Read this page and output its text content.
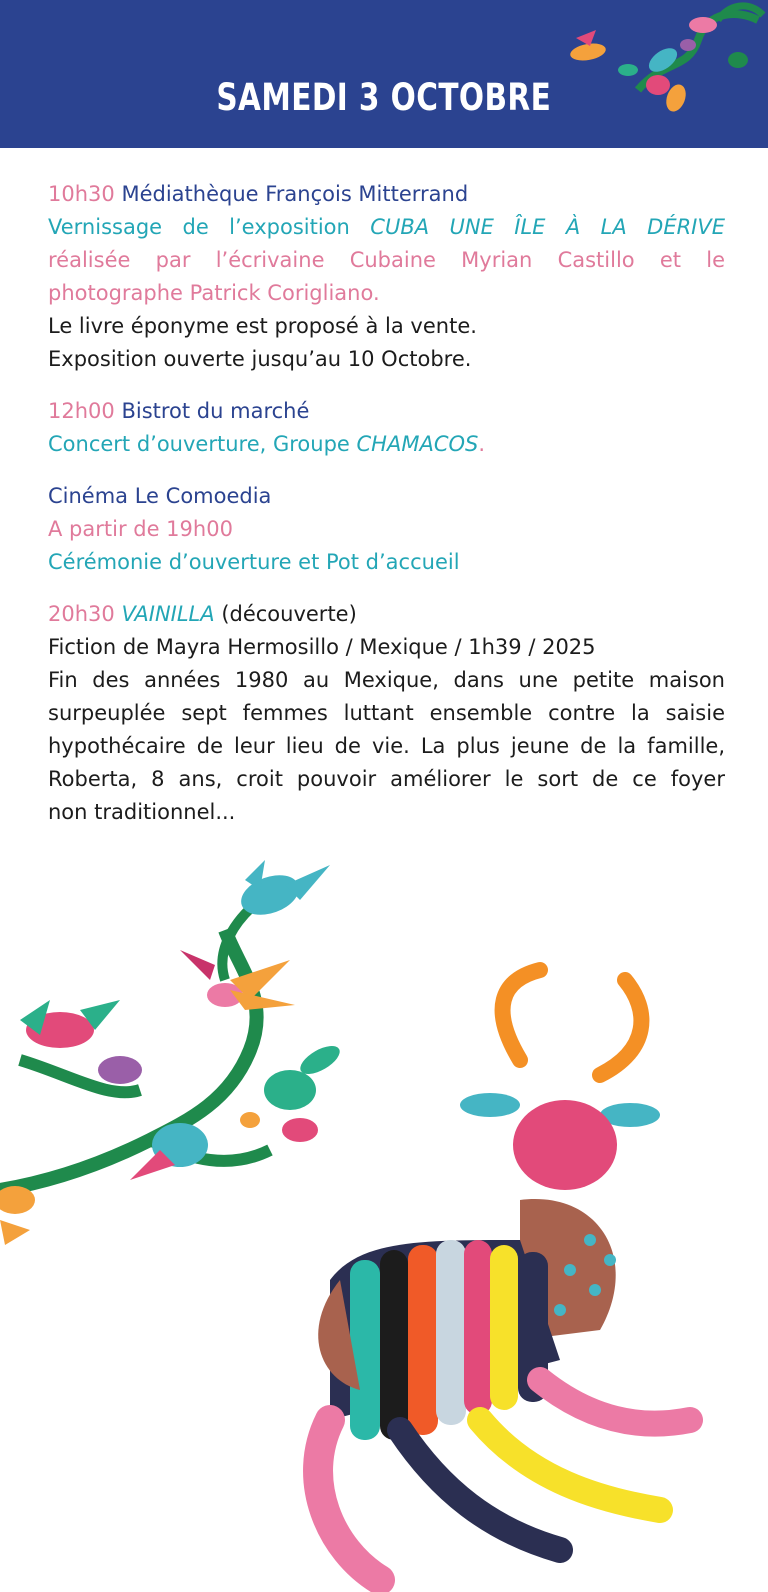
SAMEDI 3 OCTOBRE
10h30 Médiathèque François Mitterrand
Vernissage de l’exposition CUBA UNE ÎLE À LA DÉRIVE
réalisée par l’écrivaine Cubaine Myrian Castillo et le
photographe Patrick Corigliano.
Le livre éponyme est proposé à la vente.
Exposition ouverte jusqu’au 10 Octobre.
12h00 Bistrot du marché
Concert d’ouverture, Groupe CHAMACOS.
Cinéma Le Comoedia
A partir de 19h00
Cérémonie d’ouverture et Pot d’accueil
20h30 VAINILLA (découverte)
Fiction de Mayra Hermosillo / Mexique / 1h39 / 2025
Fin des années 1980 au Mexique, dans une petite maison
surpeuplée sept femmes luttant ensemble contre la saisie
hypothécaire de leur lieu de vie. La plus jeune de la famille,
Roberta, 8 ans, croit pouvoir améliorer le sort de ce foyer
non traditionnel...
